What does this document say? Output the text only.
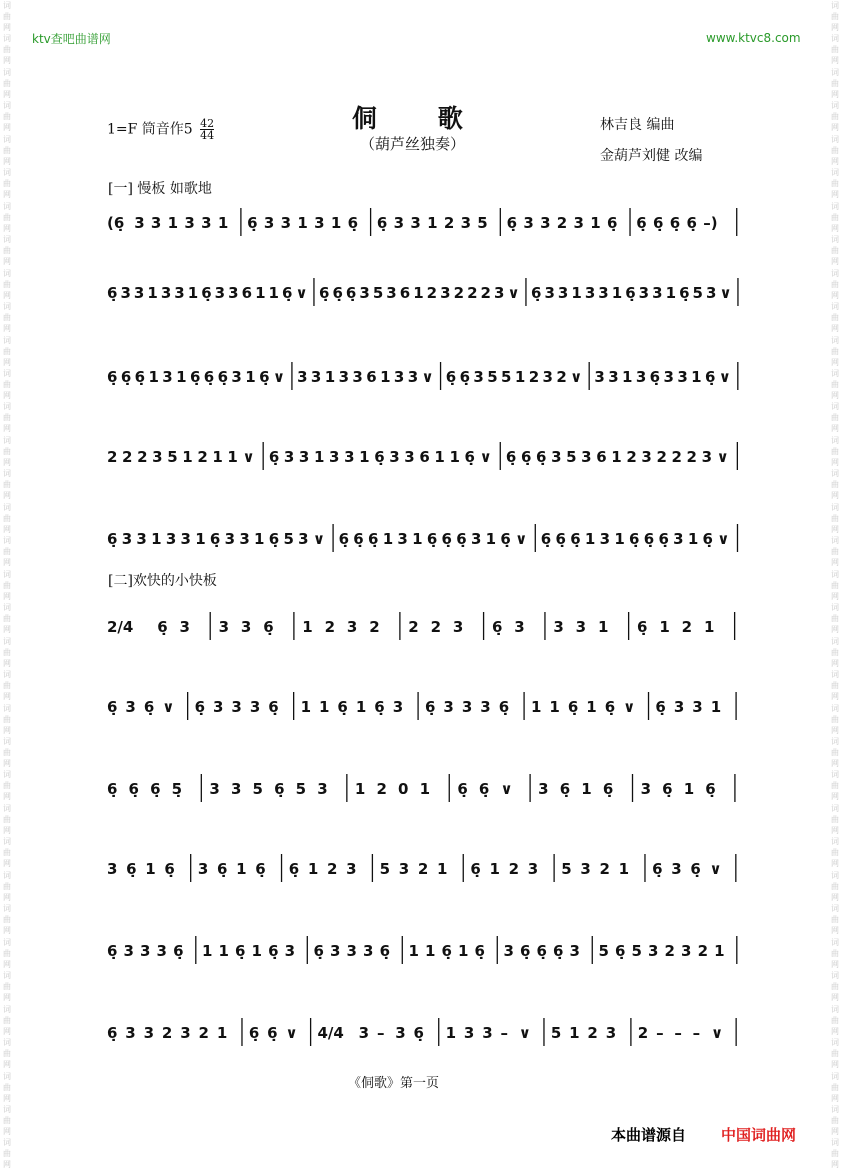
词
曲
网
词
曲
网
词
曲
网
词
曲
网
词
曲
网
词
曲
网
词
曲
网
词
曲
网
词
曲
网
词
曲
网
词
曲
网
词
曲
网
词
曲
网
词
曲
网
词
曲
网
词
曲
网
词
曲
网
词
曲
网
词
曲
网
词
曲
网
词
曲
网
词
曲
网
词
曲
网
词
曲
网
词
曲
网
词
曲
网
词
曲
网
词
曲
网
词
曲
网
词
曲
网
词
曲
网
词
曲
网
词
曲
网
词
曲
网
词
曲
网
词
曲
网
词
曲
网
词
曲
网
词
曲
网
词
曲
网
词
曲
网
词
曲
网
词
曲
网
词
曲
网
词
曲
网
词
曲
网
词
曲
网
词
曲
网
词
曲
网
词
曲
网
词
曲
网
词
曲
网
词
曲
网
词
曲
网
词
曲
网
词
曲
网
词
曲
网
词
曲
网
词
曲
网
词
曲
网
词
曲
网
词
曲
网
词
曲
网
词
曲
网
词
曲
网
词
曲
网
词
曲
网
词
曲
网
词
曲
网
词
曲
网
ktv查吧曲谱网	www.ktvc8.com
1=F 筒音作$5 \frac{42}{44}$	侗 歌
（葫芦丝独奏）
林吉良 编曲
金葫芦刘健 改编
[一] 慢板 如歌地
(6̣ 3 3 1 3 3 1 6̣ 3 3 1 3 1 6̣ 6̣ 3 3 1 2 3 5 6̣ 3 3 2 3 1 6̣ 6̣ 6̣ 6̣ 6̣ –)
6̣ 3 3 1 3 3 1 6̣ 3 3 6 1 1 6̣ ∨ 6̣ 6̣ 6̣ 3 5 3 6 1 2 3 2 2 2 3 ∨ 6̣ 3 3 1 3 3 1 6̣ 3 3 1 6̣ 5 3 ∨
6̣ 6̣ 6̣ 1 3 1 6̣ 6̣ 6̣ 3 1 6̣ ∨ 3 3 1 3 3 6 1 3 3 ∨ 6̣ 6̣ 3 5 5 1 2 3 2 ∨ 3 3 1 3 6̣ 3 3 1 6̣ ∨
2 2 2 3 5 1 2 1 1 ∨ 6̣ 3 3 1 3 3 1 6̣ 3 3 6 1 1 6̣ ∨ 6̣ 6̣ 6̣ 3 5 3 6 1 2 3 2 2 2 3 ∨
6̣ 3 3 1 3 3 1 6̣ 3 3 1 6̣ 5 3 ∨ 6̣ 6̣ 6̣ 1 3 1 6̣ 6̣ 6̣ 3 1 6̣ ∨ 6̣ 6̣ 6̣ 1 3 1 6̣ 6̣ 6̣ 3 1 6̣ ∨
[二]欢快的小快板
2/4 6̣ 3 3 3 6̣ 1 2 3 2 2 2 3 6̣ 3 3 3 1 6̣ 1 2 1
6̣ 3 6̣ ∨ 6̣ 3 3 3 6̣ 1 1 6̣ 1 6̣ 3 6̣ 3 3 3 6̣ 1 1 6̣ 1 6̣ ∨ 6̣ 3 3 1
6̣ 6̣ 6̣ 5̣ 3 3 5 6̣ 5 3 1 2 0 1 6̣ 6̣ ∨ 3 6̣ 1 6̣ 3 6̣ 1 6̣
3 6̣ 1 6̣ 3 6̣ 1 6̣ 6̣ 1 2 3 5 3 2 1 6̣ 1 2 3 5 3 2 1 6̣ 3 6̣ ∨
6̣ 3 3 3 6̣ 1 1 6̣ 1 6̣ 3 6̣ 3 3 3 6̣ 1 1 6̣ 1 6̣ 3 6̣ 6̣ 6̣ 3 5 6̣ 5 3 2 3 2 1
6̣ 3 3 2 3 2 1 6̣ 6̣ ∨ 4/4 3 – 3 6̣ 1 3 3 – ∨ 5 1 2 3 2 – – – ∨
《侗歌》第一页
本曲谱源自 中国词曲网
